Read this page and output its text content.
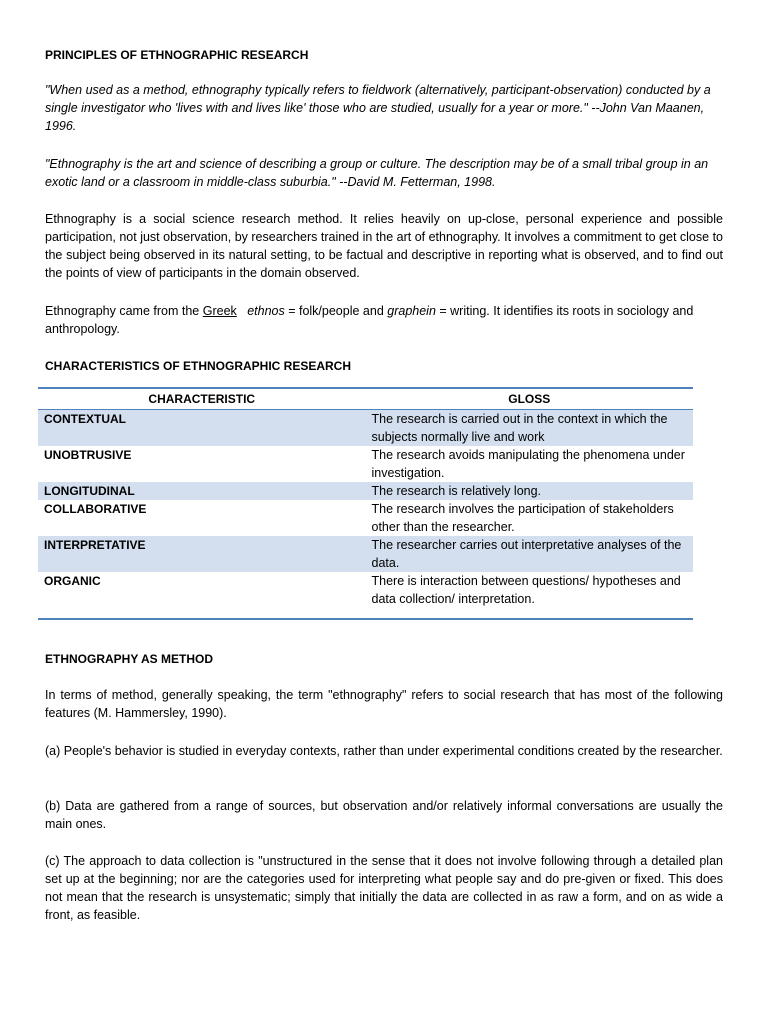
PRINCIPLES OF ETHNOGRAPHIC RESEARCH

"When used as a method, ethnography typically refers to fieldwork (alternatively, participant-observation) conducted by a single investigator who 'lives with and lives like' those who are studied, usually for a year or more." --John Van Maanen, 1996.

"Ethnography is the art and science of describing a group or culture. The description may be of a small tribal group in an exotic land or a classroom in middle-class suburbia." --David M. Fetterman, 1998.

Ethnography is a social science research method. It relies heavily on up-close, personal experience and possible participation, not just observation, by researchers trained in the art of ethnography. It involves a commitment to get close to the subject being observed in its natural setting, to be factual and descriptive in reporting what is observed, and to find out the points of view of participants in the domain observed.

Ethnography came from the Greek ethnos = folk/people and graphein = writing. It identifies its roots in sociology and anthropology.

CHARACTERISTICS OF ETHNOGRAPHIC RESEARCH

CHARACTERISTIC	GLOSS
CONTEXTUAL	The research is carried out in the context in which the subjects normally live and work
UNOBTRUSIVE	The research avoids manipulating the phenomena under investigation.
LONGITUDINAL	The research is relatively long.
COLLABORATIVE	The research involves the participation of stakeholders other than the researcher.
INTERPRETATIVE	The researcher carries out interpretative analyses of the data.
ORGANIC	There is interaction between questions/ hypotheses and data collection/ interpretation.

ETHNOGRAPHY AS METHOD

In terms of method, generally speaking, the term "ethnography" refers to social research that has most of the following features (M. Hammersley, 1990).

(a) People's behavior is studied in everyday contexts, rather than under experimental conditions created by the researcher.

(b) Data are gathered from a range of sources, but observation and/or relatively informal conversations are usually the main ones.

(c) The approach to data collection is "unstructured in the sense that it does not involve following through a detailed plan set up at the beginning; nor are the categories used for interpreting what people say and do pre-given or fixed. This does not mean that the research is unsystematic; simply that initially the data are collected in as raw a form, and on as wide a front, as feasible.
